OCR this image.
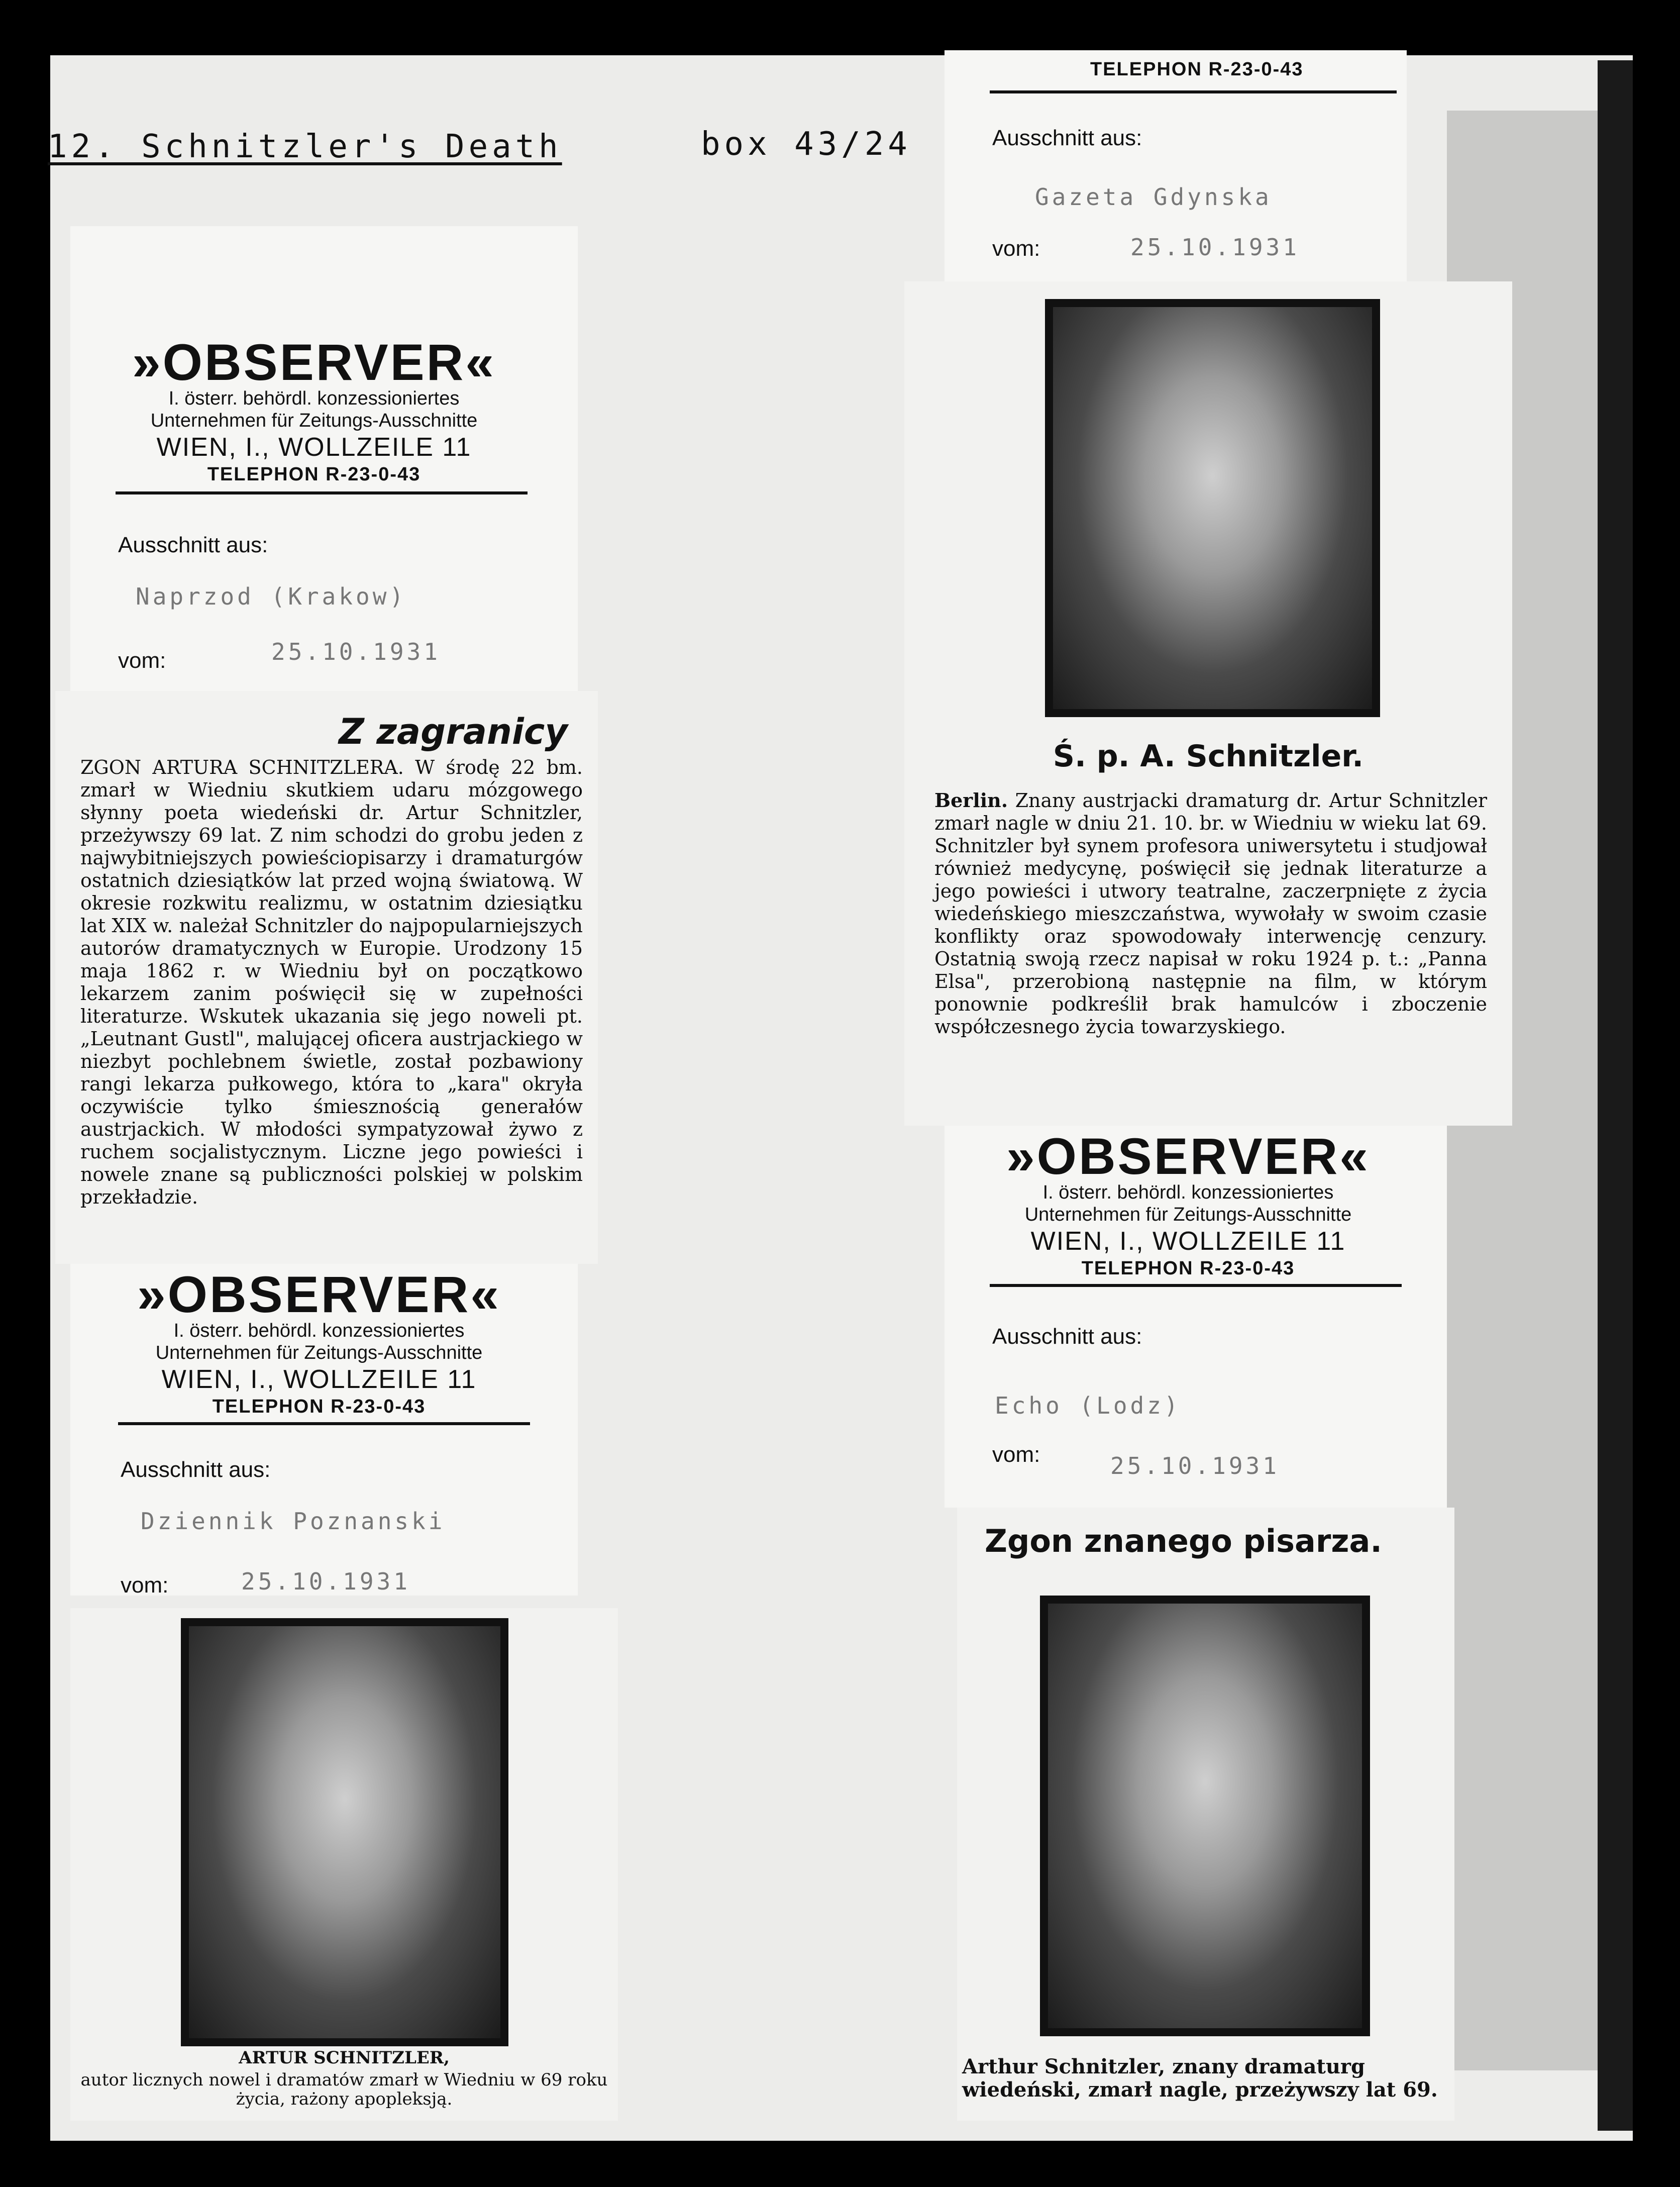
12. Schnitzler's Death	box 43/24
»OBSERVER«
I. österr. behördl. konzessioniertes
Unternehmen für Zeitungs-Ausschnitte
WIEN, I., WOLLZEILE 11
TELEPHON R-23-0-43
Ausschnitt aus:
Naprzod (Krakow)
vom:	25.10.1931
Z zagranicy
ZGON ARTURA SCHNITZLERA. W środę 22 bm. zmarł w Wiedniu skutkiem udaru mózgowego słynny poeta wiedeński dr. Artur Schnitzler, przeżywszy 69 lat. Z nim schodzi do grobu jeden z najwybitniejszych powieściopisarzy i dramaturgów ostatnich dziesiątków lat przed wojną światową. W okresie rozkwitu realizmu, w ostatnim dziesiątku lat XIX w. należał Schnitzler do najpopularniejszych autorów dramatycznych w Europie. Urodzony 15 maja 1862 r. w Wiedniu był on początkowo lekarzem zanim poświęcił się w zupełności literaturze. Wskutek ukazania się jego noweli pt. „Leutnant Gustl", malującej oficera austrjackiego w niezbyt pochlebnem świetle, został pozbawiony rangi lekarza pułkowego, która to „kara" okryła oczywiście tylko śmiesznością generałów austrjackich. W młodości sympatyzował żywo z ruchem socjalistycznym. Liczne jego powieści i nowele znane są publiczności polskiej w polskim przekładzie.
»OBSERVER«
I. österr. behördl. konzessioniertes
Unternehmen für Zeitungs-Ausschnitte
WIEN, I., WOLLZEILE 11
TELEPHON R-23-0-43
Ausschnitt aus:
Dziennik Poznanski
vom:	25.10.1931
ARTUR SCHNITZLER,
autor licznych nowel i dramatów zmarł w Wiedniu w 69 roku życia, rażony apopleksją.
TELEPHON R-23-0-43
Ausschnitt aus:
Gazeta Gdynska
vom:	25.10.1931
Ś. p. A. Schnitzler.
Berlin. Znany austrjacki dramaturg dr. Artur Schnitzler zmarł nagle w dniu 21. 10. br. w Wiedniu w wieku lat 69. Schnitzler był synem profesora uniwersytetu i studjował również medycynę, poświęcił się jednak literaturze a jego powieści i utwory teatralne, zaczerpnięte z życia wiedeńskiego mieszczaństwa, wywołały w swoim czasie konflikty oraz spowodowały interwencję cenzury. Ostatnią swoją rzecz napisał w roku 1924 p. t.: „Panna Elsa", przerobioną następnie na film, w którym ponownie podkreślił brak hamulców i zboczenie współczesnego życia towarzyskiego.
»OBSERVER«
I. österr. behördl. konzessioniertes
Unternehmen für Zeitungs-Ausschnitte
WIEN, I., WOLLZEILE 11
TELEPHON R-23-0-43
Ausschnitt aus:
Echo (Lodz)
vom:	25.10.1931
Zgon znanego pisarza.
Arthur Schnitzler, znany dramaturg wiedeński, zmarł nagle, przeżywszy lat 69.
